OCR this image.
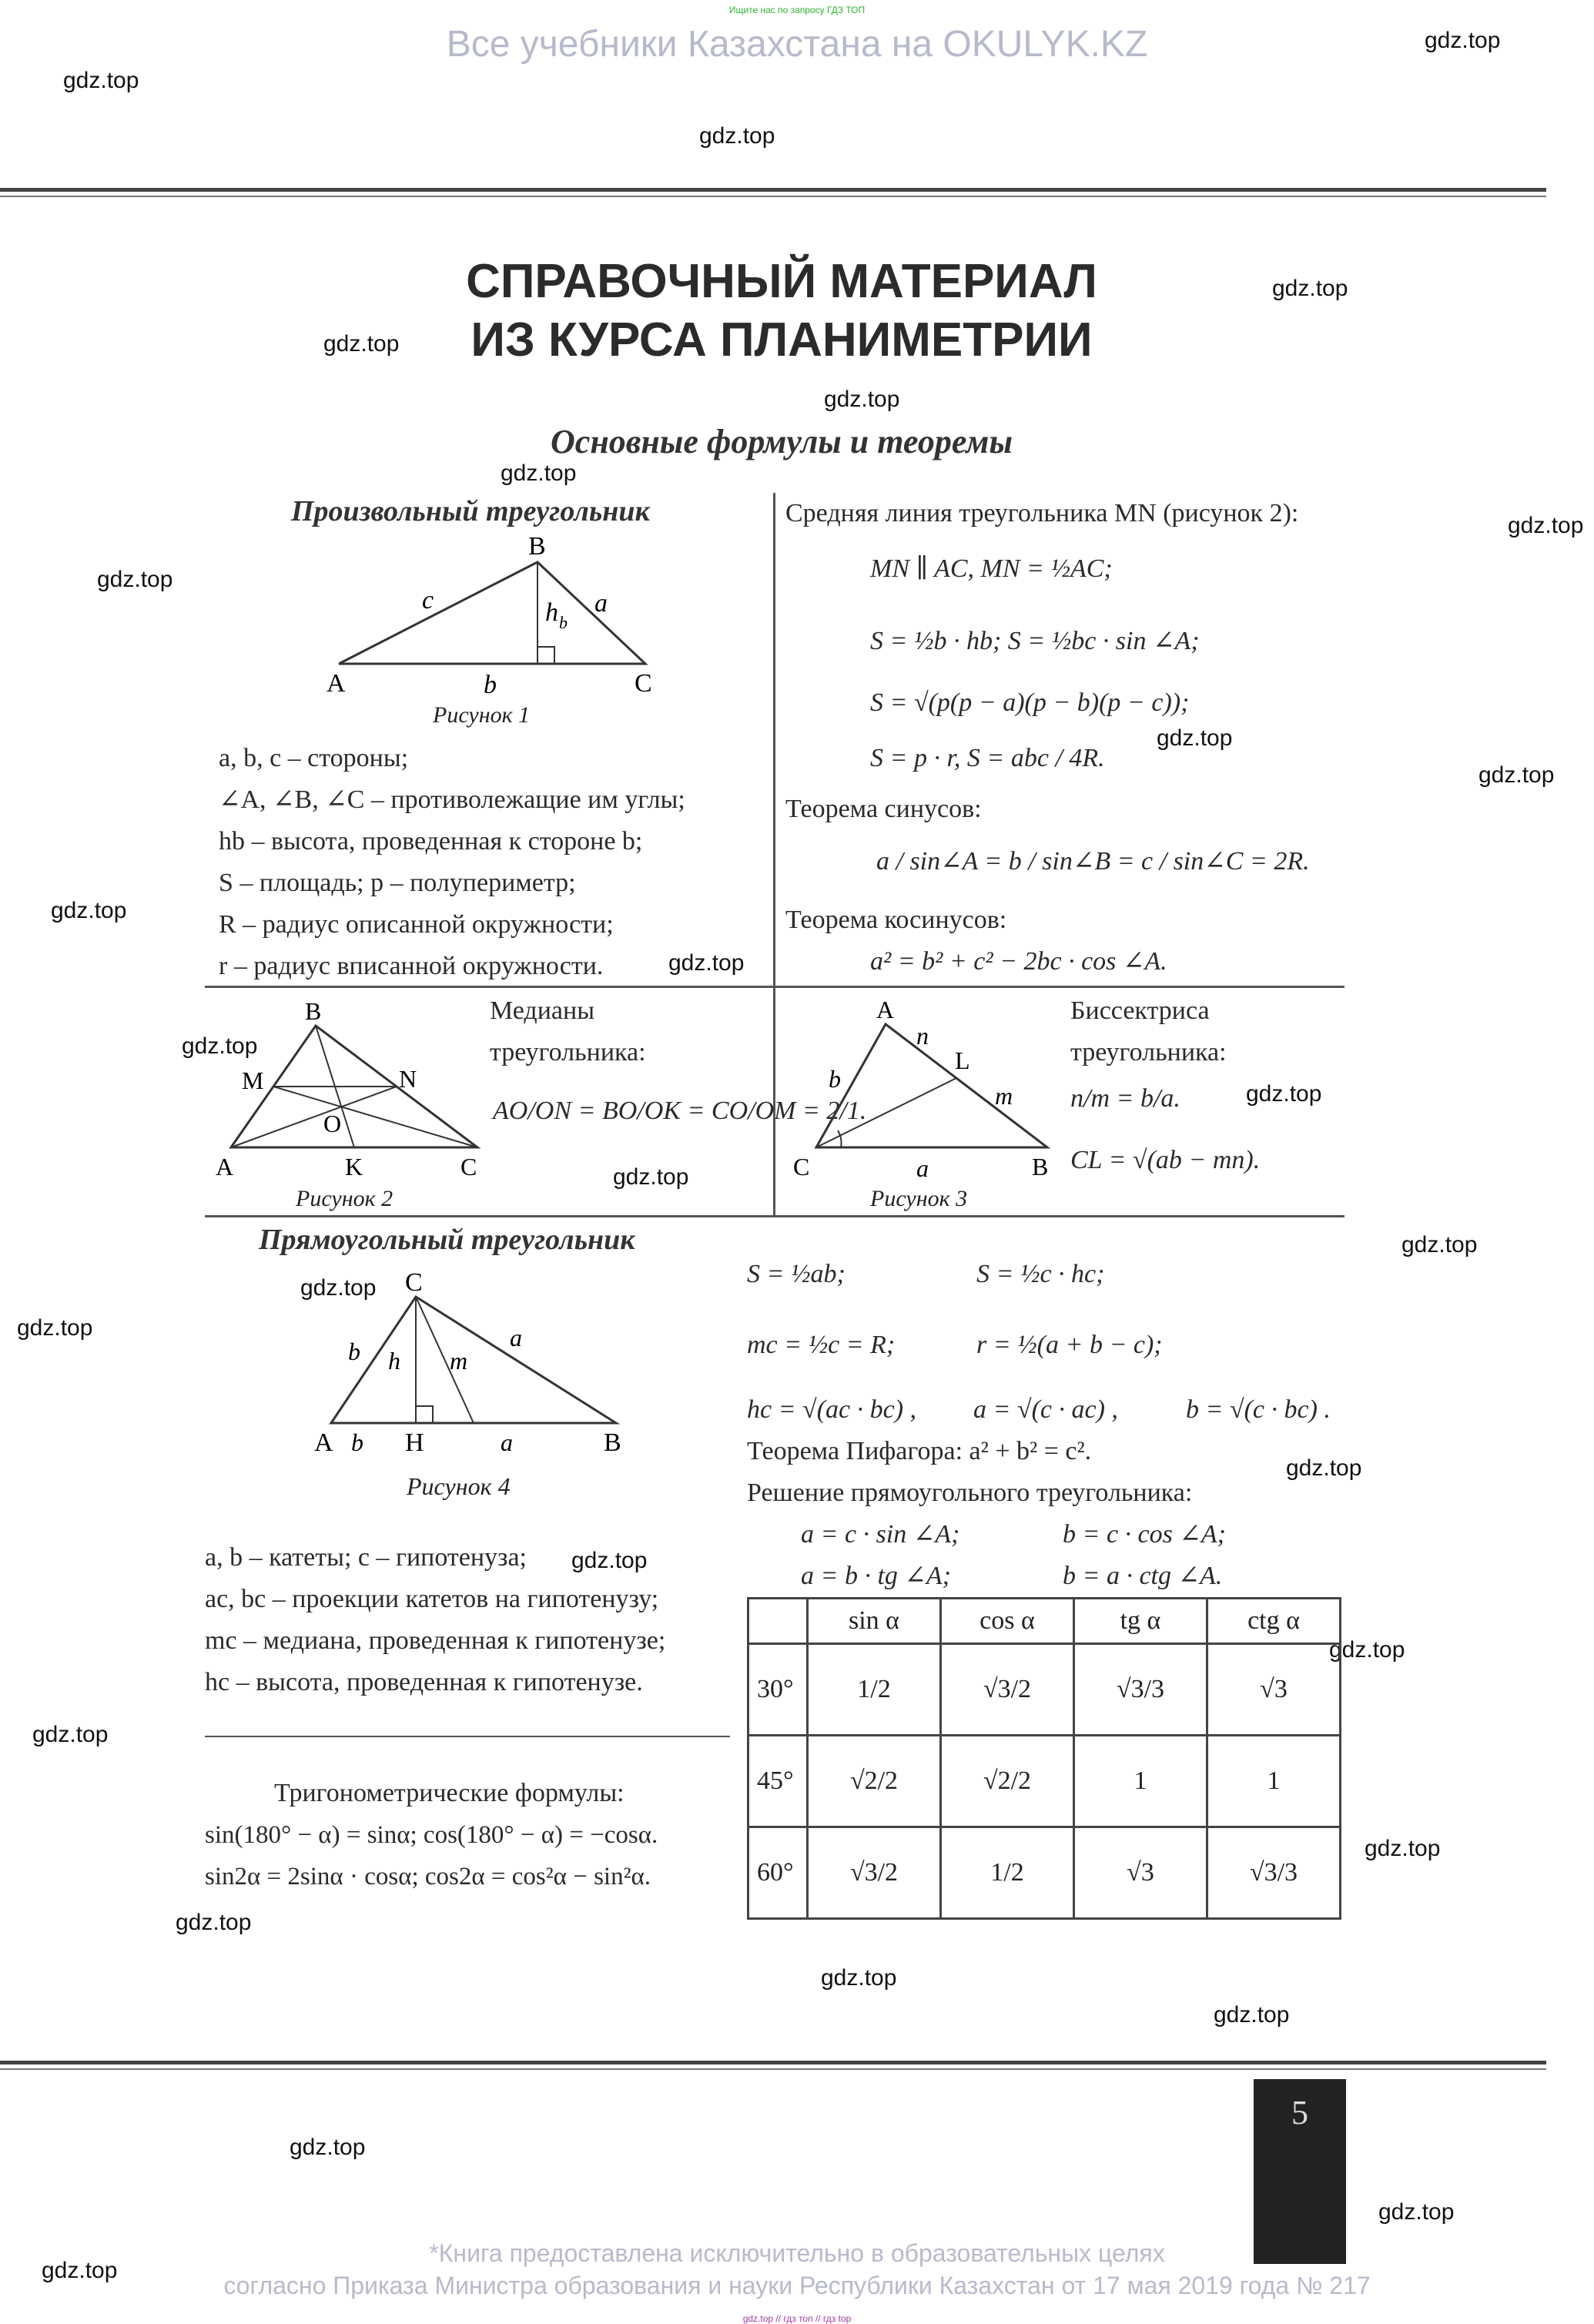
Ищите нас по запросу ГДЗ ТОП
Все учебники Казахстана на OKULYK.KZ
gdz.top
gdz.top
gdz.top
gdz.top
gdz.top
gdz.top
gdz.top
gdz.top
gdz.top
gdz.top
gdz.top
gdz.top
gdz.top
gdz.top
gdz.top
gdz.top
gdz.top
gdz.top
gdz.top
gdz.top
gdz.top
gdz.top
gdz.top
gdz.top
gdz.top
gdz.top
gdz.top
gdz.top
gdz.top
gdz.top
СПРАВОЧНЫЙ МАТЕРИАЛ
ИЗ КУРСА ПЛАНИМЕТРИИ
Основные формулы и теоремы
Произвольный треугольник
B
A	C
c	a
b
h b
Рисунок 1
a, b, c – стороны;
∠A, ∠B, ∠C – противолежащие им углы;
hb – высота, проведенная к стороне b;
S – площадь; p – полупериметр;
R – радиус описанной окружности;
r – радиус вписанной окружности.
Средняя линия треугольника MN (рисунок 2):
MN ∥ AC, MN = ½AC;
S = ½b · hb; S = ½bc · sin ∠A;
S = √(p(p − a)(p − b)(p − c));
S = p · r, S = abc / 4R.
Теорема синусов:
a / sin∠A = b / sin∠B = c / sin∠C = 2R.
Теорема косинусов:
a² = b² + c² − 2bc · cos ∠A.
B
A	C
M	N
O
K
Рисунок 2
Медианы
треугольника:
AO/ON = BO/OK = CO/OM = 2/1.
A
C	B
L
n
m
b
a
Рисунок 3
Биссектриса
треугольника:
n/m = b/a.
CL = √(ab − mn).
Прямоугольный треугольник
C
A	B
H
b	a
h m
b	a
Рисунок 4
a, b – катеты; c – гипотенуза;
ac, bc – проекции катетов на гипотенузу;
mc – медиана, проведенная к гипотенузе;
hc – высота, проведенная к гипотенузе.
S = ½ab;	S = ½c · hc;
mc = ½c = R;	r = ½(a + b − c);
hc = √(ac · bc) , a = √(c · ac) ,	b = √(c · bc) .
Теорема Пифагора: a² + b² = c².
Решение прямоугольного треугольника:
a = c · sin ∠A;	b = c · cos ∠A;
a = b · tg ∠A;	b = a · ctg ∠A.
Тригонометрические формулы:
sin(180° − α) = sinα; cos(180° − α) = −cosα.
sin2α = 2sinα · cosα; cos2α = cos²α − sin²α.
	sin α	cos α	tg α	ctg α
30°	1/2	√3/2	√3/3	√3
45°	√2/2	√2/2	1	1
60°	√3/2	1/2	√3	√3/3
5
*Книга предоставлена исключительно в образовательных целях
согласно Приказа Министра образования и науки Республики Казахстан от 17 мая 2019 года № 217
gdz.top // гдз топ // гдз top
